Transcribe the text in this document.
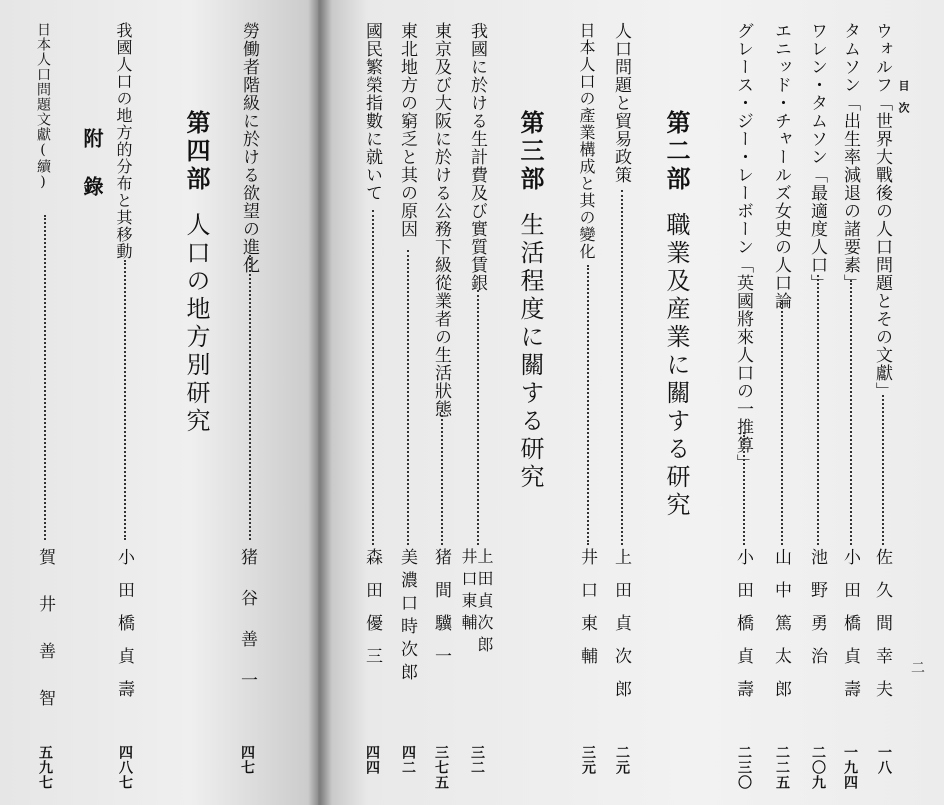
目　次
二
ウォルフ「世界大戰後の人口問題とその文獻」
佐久間幸夫
一八
タムソン「出生率減退の諸要素」
小田橋貞壽
一九四
ワレン・タムソン「最適度人口」
池野勇治
二〇九
エニッド・チャールズ女史の人口論
山中篤太郎
二二五
グレース・ジー・レーボーン「英國將來人口の一推算」
小田橋貞壽
二三〇
第二部職業及産業に關する研究
人口問題と貿易政策
上田貞次郎
二元
日本人口の產業構成と其の變化
井口東輔
三元
第三部生活程度に關する研究
我國に於ける生計費及び實質賃銀
上田貞次郎
井口東輔
三二
東京及び大阪に於ける公務下級從業者の生活狀態
猪間驥一
三七五
東北地方の窮乏と其の原因
美濃口時次郎
四二
國民繁榮指數に就いて
森田優三
四四
勞働者階級に於ける欲望の進化
猪谷善一
四七
第四部人口の地方別研究
我國人口の地方的分布と其移動
小田橋貞壽
四八七
附　錄
日本人口問題文獻(續)
賀井善智
五九七
